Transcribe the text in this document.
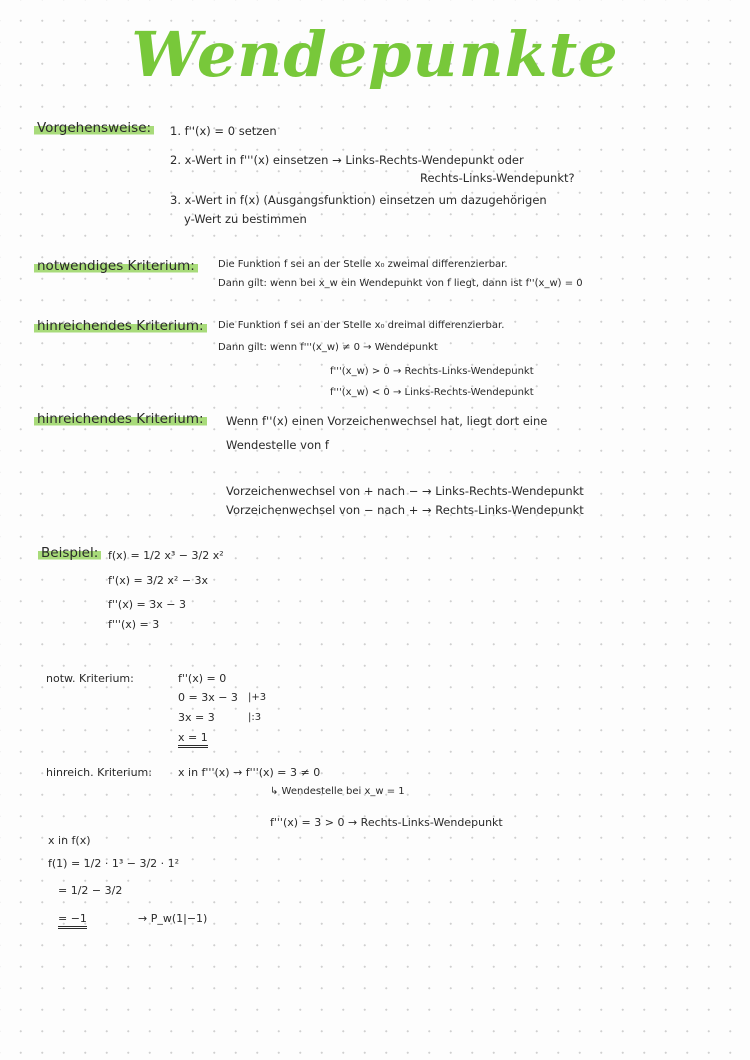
Wendepunkte
Vorgehensweise: 1. f''(x) = 0 setzen
2. x-Wert in f'''(x) einsetzen → Links-Rechts-Wendepunkt oder
Rechts-Links-Wendepunkt?
3. x-Wert in f(x) (Ausgangsfunktion) einsetzen um dazugehörigen
y-Wert zu bestimmen
notwendiges Kriterium:	Die Funktion f sei an der Stelle x₀ zweimal differenzierbar.
Dann gilt: wenn bei x_w ein Wendepunkt von f liegt, dann ist f''(x_w) = 0
hinreichendes Kriterium:	Die Funktion f sei an der Stelle x₀ dreimal differenzierbar.
Dann gilt: wenn f'''(x_w) ≠ 0 → Wendepunkt
f'''(x_w) > 0 → Rechts-Links-Wendepunkt
f'''(x_w) < 0 → Links-Rechts-Wendepunkt
hinreichendes Kriterium: Wenn f''(x) einen Vorzeichenwechsel hat, liegt dort eine
Wendestelle von f
Vorzeichenwechsel von + nach − → Links-Rechts-Wendepunkt
Vorzeichenwechsel von − nach + → Rechts-Links-Wendepunkt
Beispiel: f(x) = 1/2 x³ − 3/2 x²
f'(x) = 3/2 x² − 3x
f''(x) = 3x − 3
f'''(x) = 3
notw. Kriterium:	f''(x) = 0
0 = 3x − 3 |+3
3x = 3	|:3
x = 1
hinreich. Kriterium: x in f'''(x) → f'''(x) = 3 ≠ 0
↳ Wendestelle bei x_w = 1
f'''(x) = 3 > 0 → Rechts-Links-Wendepunkt
x in f(x)
f(1) = 1/2 · 1³ − 3/2 · 1²
= 1/2 − 3/2
= −1	→ P_w(1|−1)
